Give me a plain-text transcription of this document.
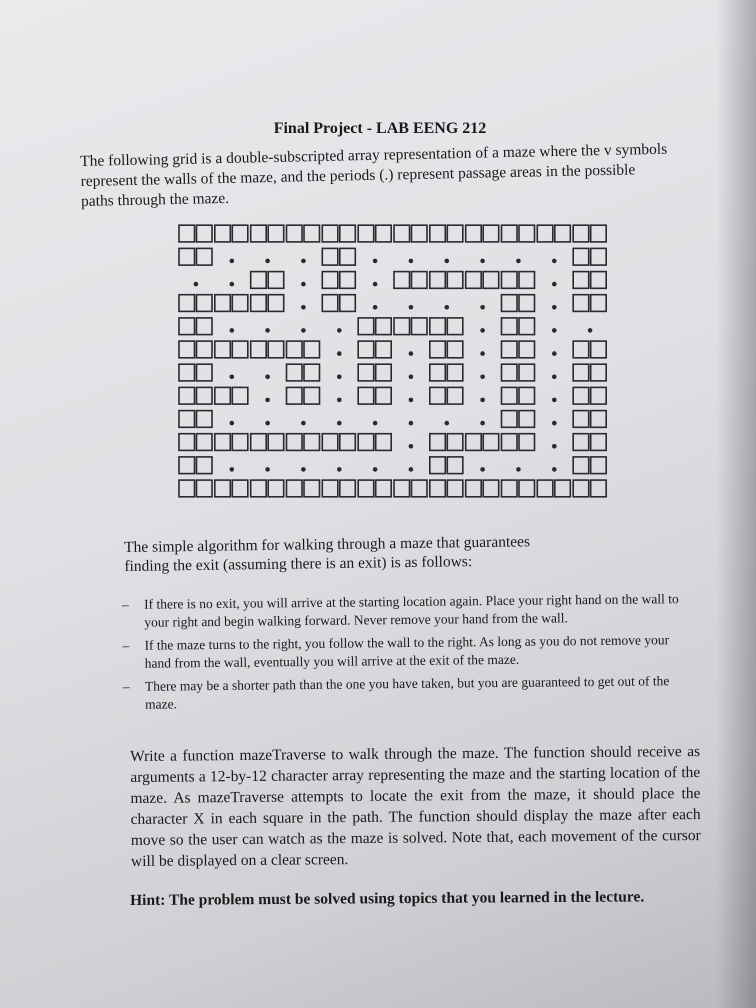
Final Project - LAB EENG 212
The following grid is a double-subscripted array representation of a maze where the v symbols represent the walls of the maze, and the periods (.) represent passage areas in the possible paths through the maze.
The simple algorithm for walking through a maze that guarantees finding the exit (assuming there is an exit) is as follows:
– If there is no exit, you will arrive at the starting location again. Place your right hand on the wall to your right and begin walking forward. Never remove your hand from the wall.
– If the maze turns to the right, you follow the wall to the right. As long as you do not remove your hand from the wall, eventually you will arrive at the exit of the maze.
– There may be a shorter path than the one you have taken, but you are guaranteed to get out of the maze.
Write a function mazeTraverse to walk through the maze. The function should receive as arguments a 12-by-12 character array representing the maze and the starting location of the maze. As mazeTraverse attempts to locate the exit from the maze, it should place the character X in each square in the path. The function should display the maze after each move so the user can watch as the maze is solved. Note that, each movement of the cursor will be displayed on a clear screen.
Hint: The problem must be solved using topics that you learned in the lecture.
